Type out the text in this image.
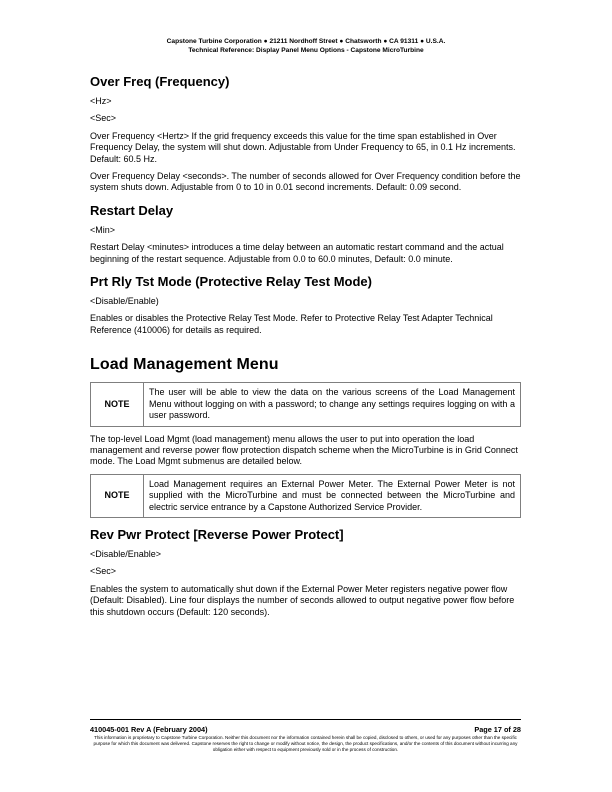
Capstone Turbine Corporation ● 21211 Nordhoff Street ● Chatsworth ● CA 91311 ● U.S.A.
Technical Reference: Display Panel Menu Options - Capstone MicroTurbine
Over Freq (Frequency)

<Hz>

<Sec>

Over Frequency <Hertz> If the grid frequency exceeds this value for the time span established in Over Frequency Delay, the system will shut down. Adjustable from Under Frequency to 65, in 0.1 Hz increments. Default: 60.5 Hz.

Over Frequency Delay <seconds>. The number of seconds allowed for Over Frequency condition before the system shuts down. Adjustable from 0 to 10 in 0.01 second increments. Default: 0.09 second.

Restart Delay

<Min>

Restart Delay <minutes> introduces a time delay between an automatic restart command and the actual beginning of the restart sequence. Adjustable from 0.0 to 60.0 minutes, Default: 0.0 minute.

Prt Rly Tst Mode (Protective Relay Test Mode)

<Disable/Enable)

Enables or disables the Protective Relay Test Mode. Refer to Protective Relay Test Adapter Technical Reference (410006) for details as required.

Load Management Menu
NOTE	The user will be able to view the data on the various screens of the Load Management Menu without logging on with a password; to change any settings requires logging on with a user password.

The top-level Load Mgmt (load management) menu allows the user to put into operation the load management and reverse power flow protection dispatch scheme when the MicroTurbine is in Grid Connect mode. The Load Mgmt submenus are detailed below.

NOTE	Load Management requires an External Power Meter. The External Power Meter is not supplied with the MicroTurbine and must be connected between the MicroTurbine and electric service entrance by a Capstone Authorized Service Provider.
Rev Pwr Protect [Reverse Power Protect]

<Disable/Enable>

<Sec>

Enables the system to automatically shut down if the External Power Meter registers negative power flow (Default: Disabled). Line four displays the number of seconds allowed to output negative power flow before this shutdown occurs (Default: 120 seconds).

410045-001 Rev A (February 2004)	Page 17 of 28
This information is proprietary to Capstone Turbine Corporation. Neither this document nor the information contained herein shall be copied, disclosed to others, or used for any purposes other than the specific purpose for which this document was delivered. Capstone reserves the right to change or modify without notice, the design, the product specifications, and/or the contents of this document without incurring any obligation either with respect to equipment previously sold or in the process of construction.
